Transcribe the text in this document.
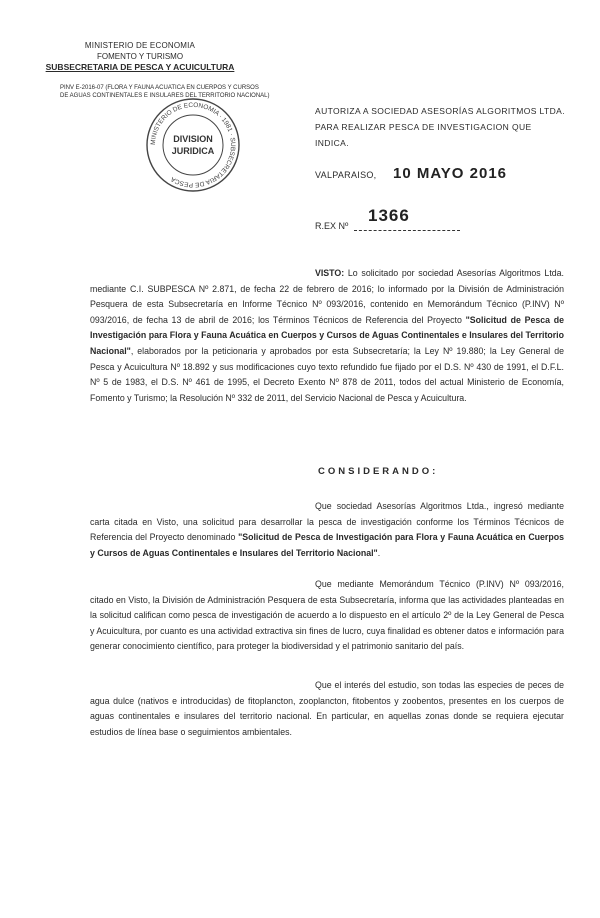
MINISTERIO DE ECONOMIA
FOMENTO Y TURISMO
SUBSECRETARIA DE PESCA Y ACUICULTURA
PINV E-2016-07 (FLORA Y FAUNA ACUATICA EN CUERPOS Y CURSOS
DE AGUAS CONTINENTALES E INSULARES DEL TERRITORIO NACIONAL)
MINISTERIO DE ECONOMIA · 1981 · SUBSECRETARIA DE PESCA
DIVISION
JURIDICA
AUTORIZA A SOCIEDAD ASESORÍAS ALGORITMOS LTDA. PARA REALIZAR PESCA DE INVESTIGACION QUE INDICA.
VALPARAISO, 10 MAYO 2016
R.EX Nº
1366
VISTO: Lo solicitado por sociedad Asesorías Algoritmos Ltda. mediante C.I. SUBPESCA Nº 2.871, de fecha 22 de febrero de 2016; lo informado por la División de Administración Pesquera de esta Subsecretaría en Informe Técnico Nº 093/2016, contenido en Memorándum Técnico (P.INV) Nº 093/2016, de fecha 13 de abril de 2016; los Términos Técnicos de Referencia del Proyecto "Solicitud de Pesca de Investigación para Flora y Fauna Acuática en Cuerpos y Cursos de Aguas Continentales e Insulares del Territorio Nacional", elaborados por la peticionaria y aprobados por esta Subsecretaría; la Ley Nº 19.880; la Ley General de Pesca y Acuicultura Nº 18.892 y sus modificaciones cuyo texto refundido fue fijado por el D.S. Nº 430 de 1991, el D.F.L. Nº 5 de 1983, el D.S. Nº 461 de 1995, el Decreto Exento Nº 878 de 2011, todos del actual Ministerio de Economía, Fomento y Turismo; la Resolución Nº 332 de 2011, del Servicio Nacional de Pesca y Acuicultura.
CONSIDERANDO:
Que sociedad Asesorías Algoritmos Ltda., ingresó mediante carta citada en Visto, una solicitud para desarrollar la pesca de investigación conforme los Términos Técnicos de Referencia del Proyecto denominado "Solicitud de Pesca de Investigación para Flora y Fauna Acuática en Cuerpos y Cursos de Aguas Continentales e Insulares del Territorio Nacional".
Que mediante Memorándum Técnico (P.INV) Nº 093/2016, citado en Visto, la División de Administración Pesquera de esta Subsecretaría, informa que las actividades planteadas en la solicitud califican como pesca de investigación de acuerdo a lo dispuesto en el artículo 2º de la Ley General de Pesca y Acuicultura, por cuanto es una actividad extractiva sin fines de lucro, cuya finalidad es obtener datos e información para generar conocimiento científico, para proteger la biodiversidad y el patrimonio sanitario del país.
Que el interés del estudio, son todas las especies de peces de agua dulce (nativos e introducidas) de fitoplancton, zooplancton, fitobentos y zoobentos, presentes en los cuerpos de aguas continentales e insulares del territorio nacional. En particular, en aquellas zonas donde se requiera ejecutar estudios de línea base o seguimientos ambientales.
